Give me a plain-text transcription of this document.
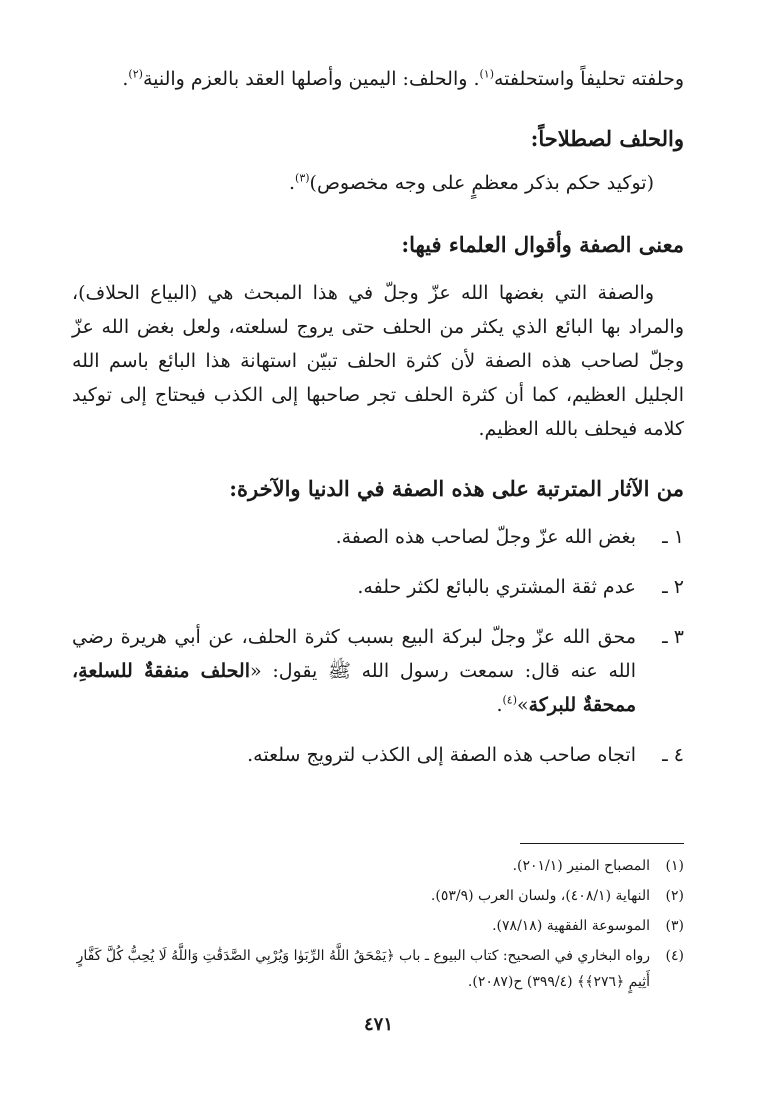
وحلفته تحليفاً واستحلفته$^{(١)}$. والحلف: اليمين وأصلها العقد بالعزم والنية$^{(٢)}$.

والحلف لصطلاحاً:

(توكيد حكم بذكر معظمٍ على وجه مخصوص)$^{(٣)}$.

معنى الصفة وأقوال العلماء فيها:

والصفة التي بغضها الله عزّ وجلّ في هذا المبحث هي (البياع الحلاف)، والمراد بها البائع الذي يكثر من الحلف حتى يروج لسلعته، ولعل بغض الله عزّ وجلّ لصاحب هذه الصفة لأن كثرة الحلف تبيّن استهانة هذا البائع باسم الله الجليل العظيم، كما أن كثرة الحلف تجر صاحبها إلى الكذب فيحتاج إلى توكيد كلامه فيحلف بالله العظيم.

من الآثار المترتبة على هذه الصفة في الدنيا والآخرة:

١ ـ
بغض الله عزّ وجلّ لصاحب هذه الصفة.
٢ ـ
عدم ثقة المشتري بالبائع لكثر حلفه.
٣ ـ
محق الله عزّ وجلّ لبركة البيع بسبب كثرة الحلف، عن أبي هريرة رضي الله عنه قال: سمعت رسول الله ﷺ يقول: «الحلف منفقةٌ للسلعةِ، ممحقةٌ للبركة»$^{(٤)}$.
٤ ـ
اتجاه صاحب هذه الصفة إلى الكذب لترويج سلعته.
(١)
المصباح المنير (٢٠١/١).
(٢)
النهاية (٤٠٨/١)، ولسان العرب (٥٣/٩).
(٣)
الموسوعة الفقهية (٧٨/١٨).
(٤)
رواه البخاري في الصحيح: كتاب البيوع ـ باب ﴿يَمْحَقُ اللَّهُ الرِّبَوٰا وَيُرْبِي الصَّدَقَٰتِ وَاللَّهُ لَا يُحِبُّ كُلَّ كَفَّارٍ أَثِيمٍ ﴿٢٧٦﴾﴾ (٣٩٩/٤) ح(٢٠٨٧).
٤٧١
